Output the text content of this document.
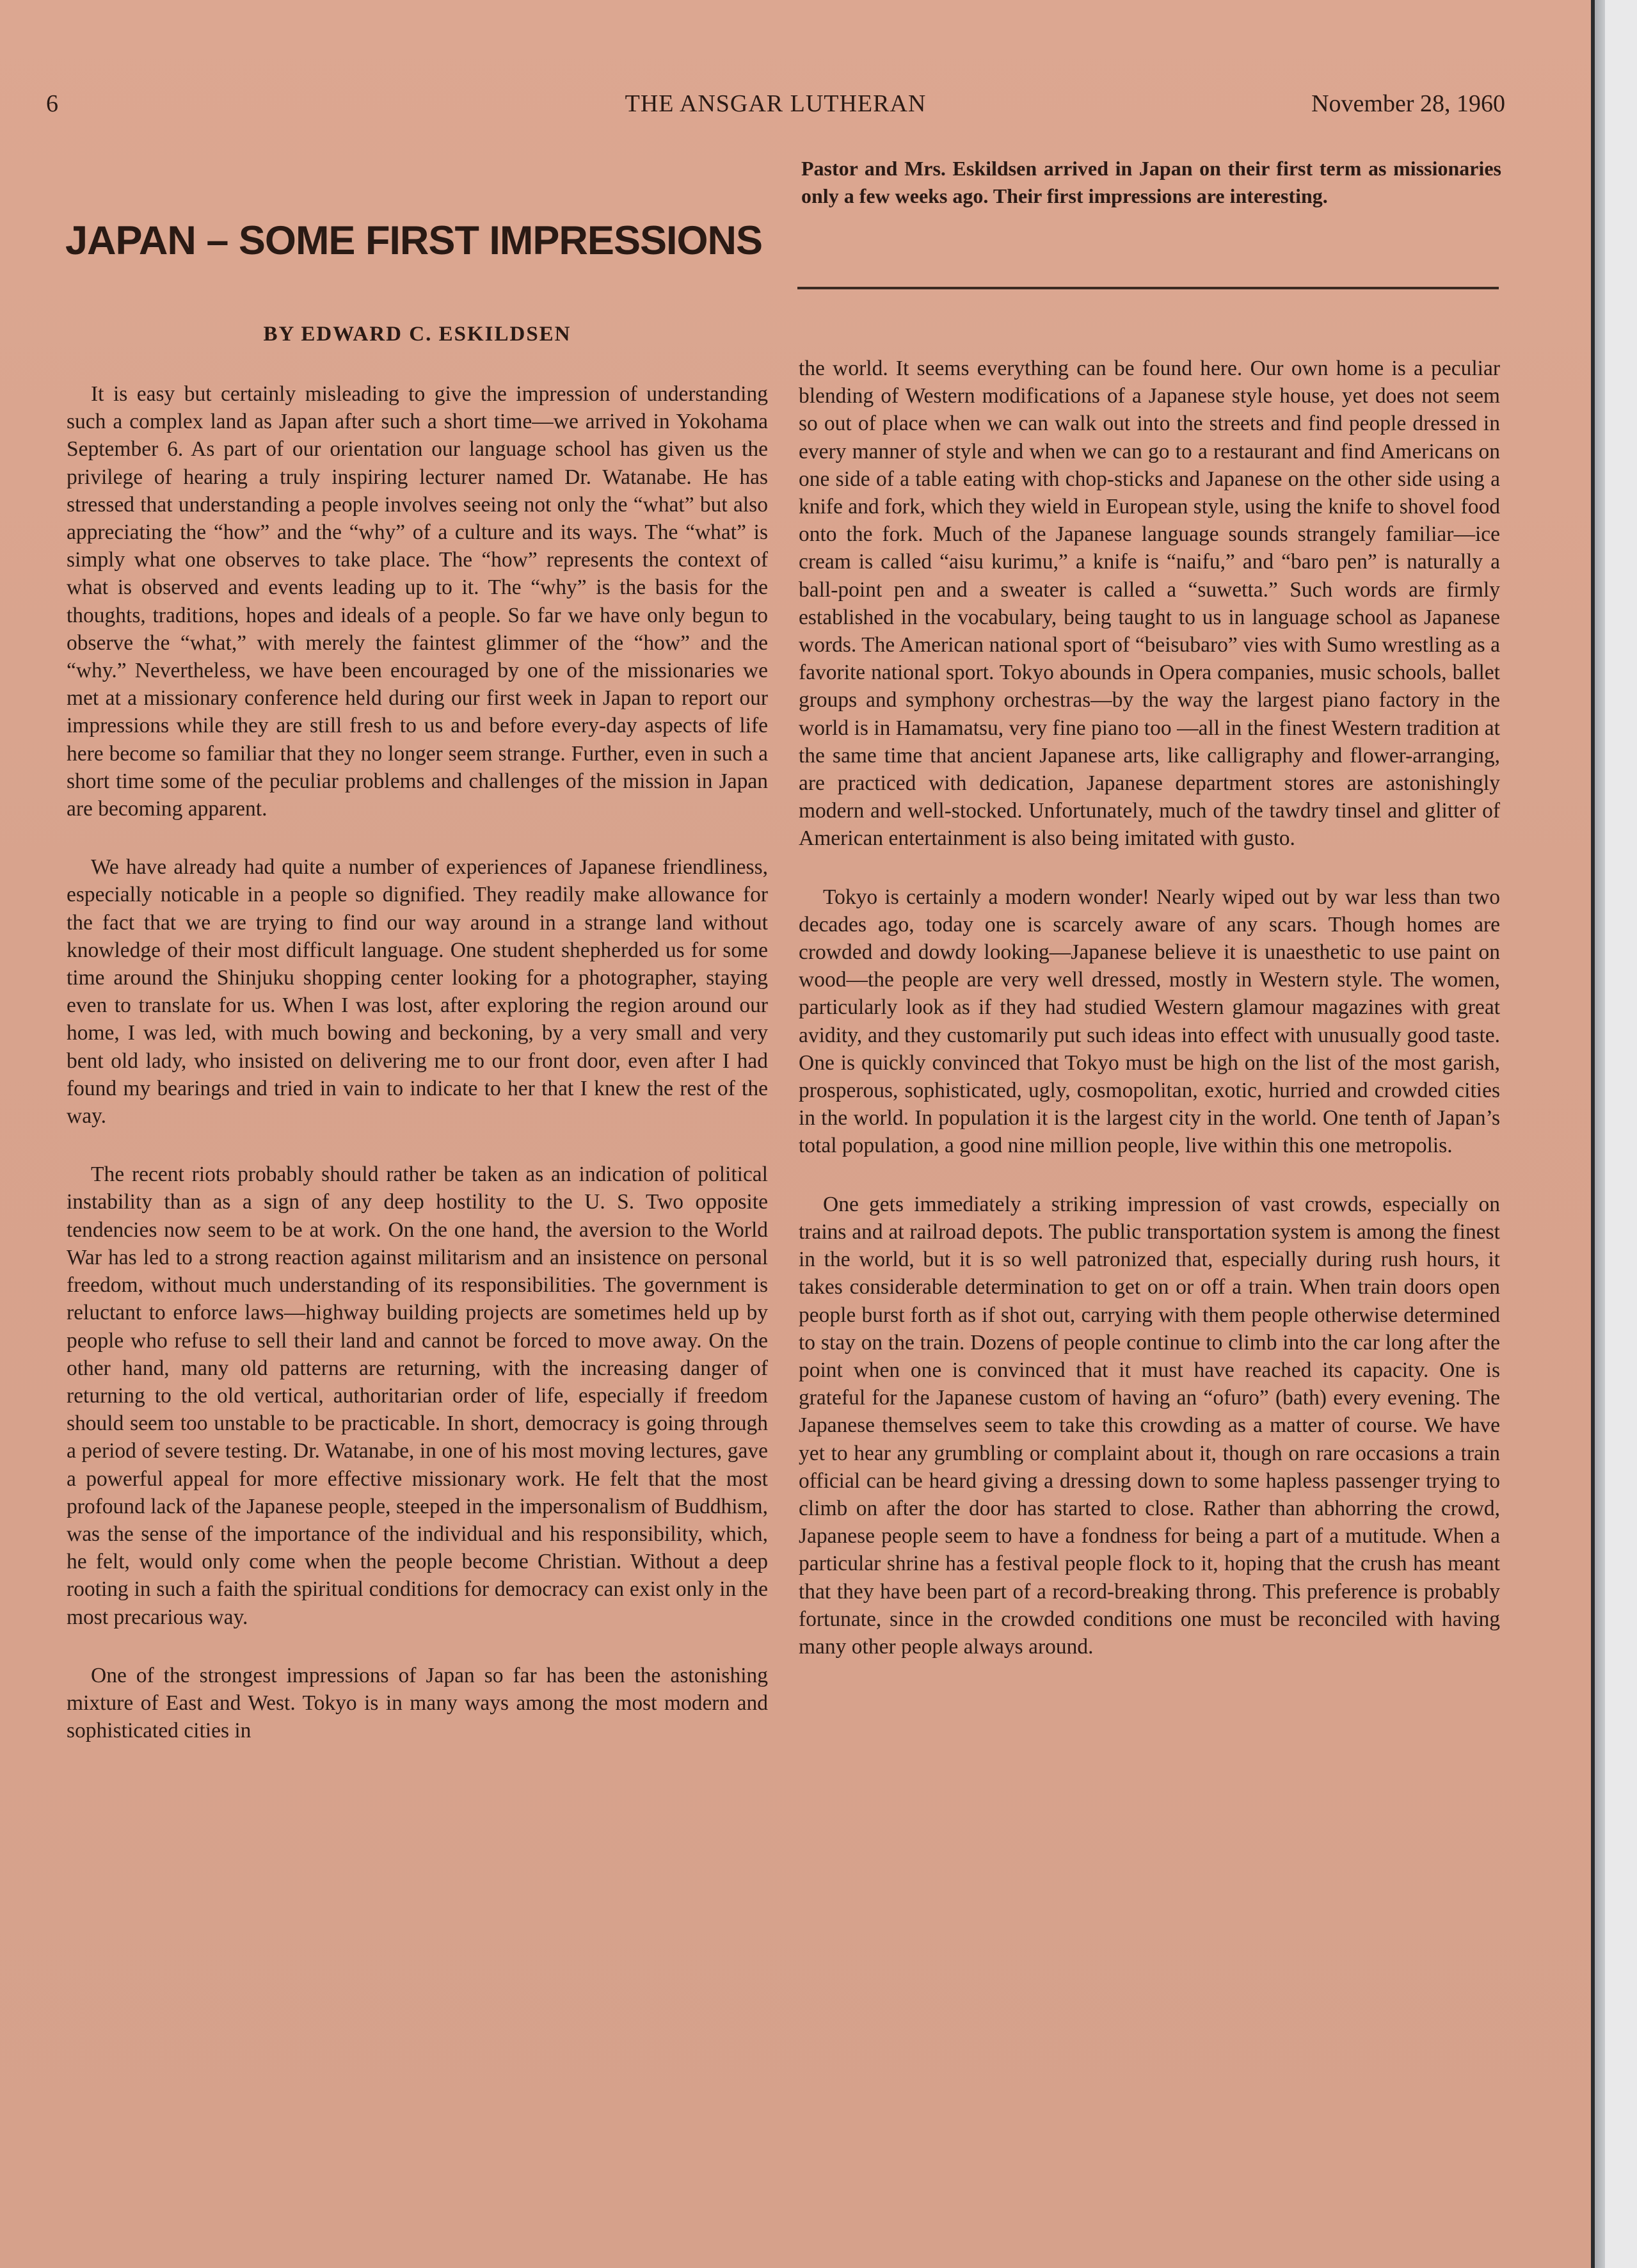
6	THE ANSGAR LUTHERAN	November 28, 1960
JAPAN – SOME FIRST IMPRESSIONS
Pastor and Mrs. Eskildsen arrived in Japan on their first term as missionaries only a few weeks ago. Their first impressions are interesting.
BY EDWARD C. ESKILDSEN

It is easy but certainly misleading to give the impression of understanding such a complex land as Japan after such a short time—we arrived in Yokohama September 6. As part of our orientation our language school has given us the privilege of hearing a truly inspiring lecturer named Dr. Watanabe. He has stressed that understanding a people involves seeing not only the “what” but also appreciating the “how” and the “why” of a culture and its ways. The “what” is simply what one observes to take place. The “how” represents the context of what is observed and events leading up to it. The “why” is the basis for the thoughts, traditions, hopes and ideals of a people. So far we have only begun to observe the “what,” with merely the faintest glimmer of the “how” and the “why.” Nevertheless, we have been encouraged by one of the missionaries we met at a missionary conference held during our first week in Japan to report our impressions while they are still fresh to us and before every-day aspects of life here become so familiar that they no longer seem strange. Further, even in such a short time some of the peculiar problems and challenges of the mission in Japan are becoming apparent.

We have already had quite a number of experiences of Japanese friendliness, especially noticable in a people so dignified. They readily make allowance for the fact that we are trying to find our way around in a strange land without knowledge of their most difficult language. One student shepherded us for some time around the Shinjuku shopping center looking for a photographer, staying even to translate for us. When I was lost, after exploring the region around our home, I was led, with much bowing and beckoning, by a very small and very bent old lady, who insisted on delivering me to our front door, even after I had found my bearings and tried in vain to indicate to her that I knew the rest of the way.

The recent riots probably should rather be taken as an indication of political instability than as a sign of any deep hostility to the U. S. Two opposite tendencies now seem to be at work. On the one hand, the aversion to the World War has led to a strong reaction against militarism and an insistence on personal freedom, without much understanding of its responsibilities. The government is reluctant to enforce laws—highway building projects are sometimes held up by people who refuse to sell their land and cannot be forced to move away. On the other hand, many old patterns are returning, with the increasing danger of returning to the old vertical, authoritarian order of life, especially if freedom should seem too unstable to be practicable. In short, democracy is going through a period of severe testing. Dr. Watanabe, in one of his most moving lectures, gave a powerful appeal for more effective missionary work. He felt that the most profound lack of the Japanese people, steeped in the impersonalism of Buddhism, was the sense of the importance of the individual and his responsibility, which, he felt, would only come when the people become Christian. Without a deep rooting in such a faith the spiritual conditions for democracy can exist only in the most precarious way.

One of the strongest impressions of Japan so far has been the astonishing mixture of East and West. Tokyo is in many ways among the most modern and sophisticated cities in

the world. It seems everything can be found here. Our own home is a peculiar blending of Western modifications of a Japanese style house, yet does not seem so out of place when we can walk out into the streets and find people dressed in every manner of style and when we can go to a restaurant and find Americans on one side of a table eating with chop-sticks and Japanese on the other side using a knife and fork, which they wield in European style, using the knife to shovel food onto the fork. Much of the Japanese language sounds strangely familiar—ice cream is called “aisu kurimu,” a knife is “naifu,” and “baro pen” is naturally a ball-point pen and a sweater is called a “suwetta.” Such words are firmly established in the vocabulary, being taught to us in language school as Japanese words. The American national sport of “beisubaro” vies with Sumo wrestling as a favorite national sport. Tokyo abounds in Opera companies, music schools, ballet groups and symphony orchestras—by the way the largest piano factory in the world is in Hamamatsu, very fine piano too —all in the finest Western tradition at the same time that ancient Japanese arts, like calligraphy and flower-arranging, are practiced with dedication, Japanese department stores are astonishingly modern and well-stocked. Unfortunately, much of the tawdry tinsel and glitter of American entertainment is also being imitated with gusto.

Tokyo is certainly a modern wonder! Nearly wiped out by war less than two decades ago, today one is scarcely aware of any scars. Though homes are crowded and dowdy looking—Japanese believe it is unaesthetic to use paint on wood—the people are very well dressed, mostly in Western style. The women, particularly look as if they had studied Western glamour magazines with great avidity, and they customarily put such ideas into effect with unusually good taste. One is quickly convinced that Tokyo must be high on the list of the most garish, prosperous, sophisticated, ugly, cosmopolitan, exotic, hurried and crowded cities in the world. In population it is the largest city in the world. One tenth of Japan’s total population, a good nine million people, live within this one metropolis.

One gets immediately a striking impression of vast crowds, especially on trains and at railroad depots. The public transportation system is among the finest in the world, but it is so well patronized that, especially during rush hours, it takes considerable determination to get on or off a train. When train doors open people burst forth as if shot out, carrying with them people otherwise determined to stay on the train. Dozens of people continue to climb into the car long after the point when one is convinced that it must have reached its capacity. One is grateful for the Japanese custom of having an “ofuro” (bath) every evening. The Japanese themselves seem to take this crowding as a matter of course. We have yet to hear any grumbling or complaint about it, though on rare occasions a train official can be heard giving a dressing down to some hapless passenger trying to climb on after the door has started to close. Rather than abhorring the crowd, Japanese people seem to have a fondness for being a part of a mutitude. When a particular shrine has a festival people flock to it, hoping that the crush has meant that they have been part of a record-breaking throng. This preference is probably fortunate, since in the crowded conditions one must be reconciled with having many other people always around.
